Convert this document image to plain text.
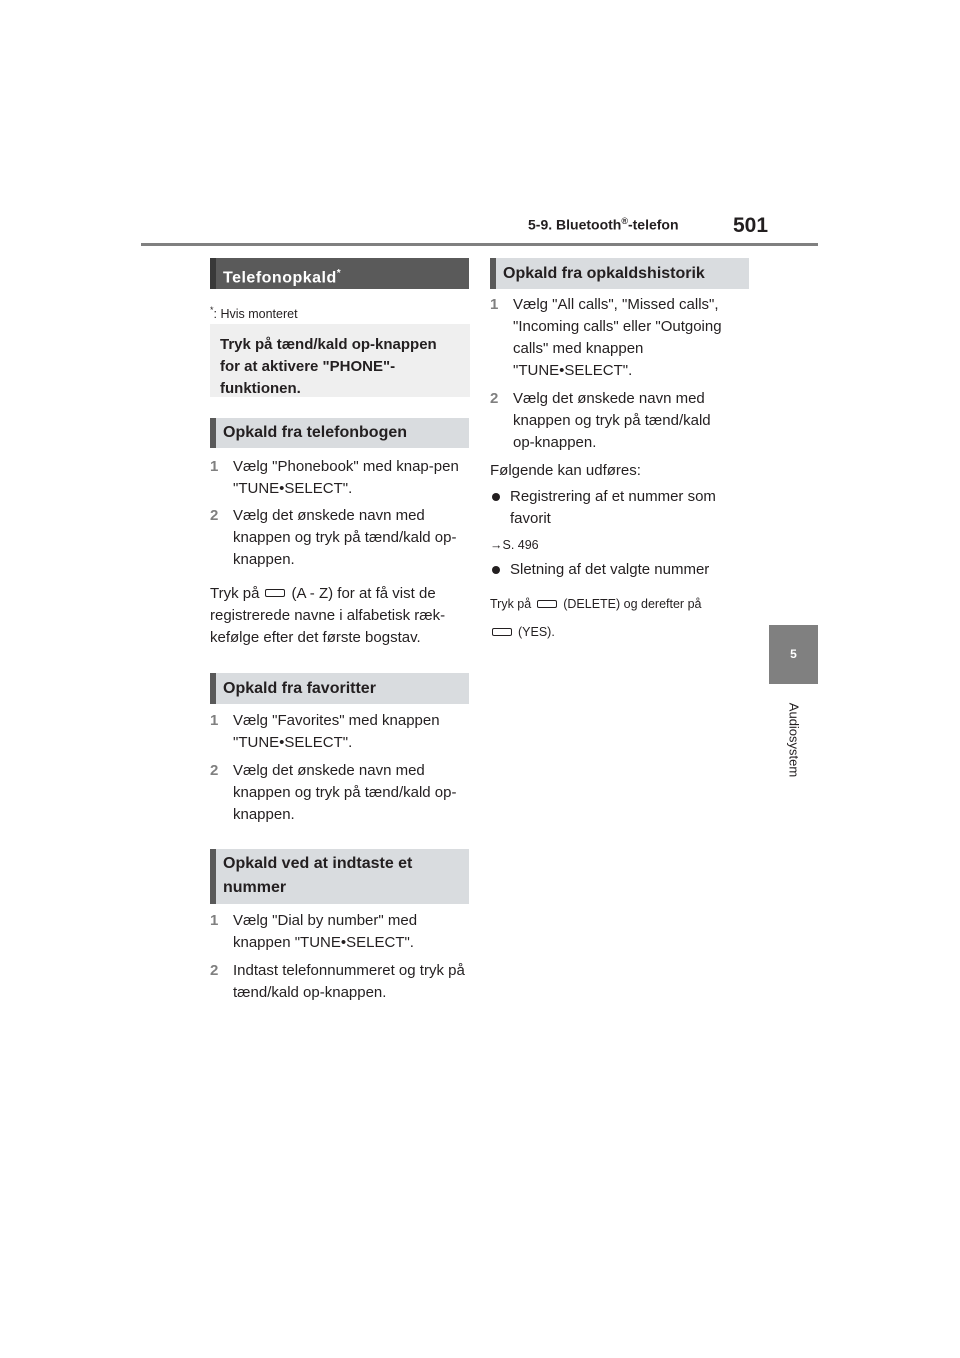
5-9. Bluetooth®-telefon	501
5
Audiosystem
Telefonopkald*
*: Hvis monteret
Tryk på tænd/kald op-knappen for at aktivere "PHONE"-funktionen.
Opkald fra telefonbogen
1 Vælg "Phonebook" med knap-pen "TUNE•SELECT".
2 Vælg det ønskede navn med knappen og tryk på tænd/kald op-knappen.
Tryk på (A - Z) for at få vist de registrerede navne i alfabetisk ræk-kefølge efter det første bogstav.
Opkald fra favoritter
1 Vælg "Favorites" med knappen "TUNE•SELECT".
2 Vælg det ønskede navn med knappen og tryk på tænd/kald op-knappen.
Opkald ved at indtaste et nummer
1 Vælg "Dial by number" med knappen "TUNE•SELECT".
2 Indtast telefonnummeret og tryk på tænd/kald op-knappen.
Opkald fra opkaldshistorik
1 Vælg "All calls", "Missed calls", "Incoming calls" eller "Outgoing calls" med knappen "TUNE•SELECT".
2 Vælg det ønskede navn med knappen og tryk på tænd/kald op-knappen.
Følgende kan udføres:
Registrering af et nummer som favorit
→S. 496
Sletning af det valgte nummer
Tryk på	(DELETE) og derefter på
(YES).
